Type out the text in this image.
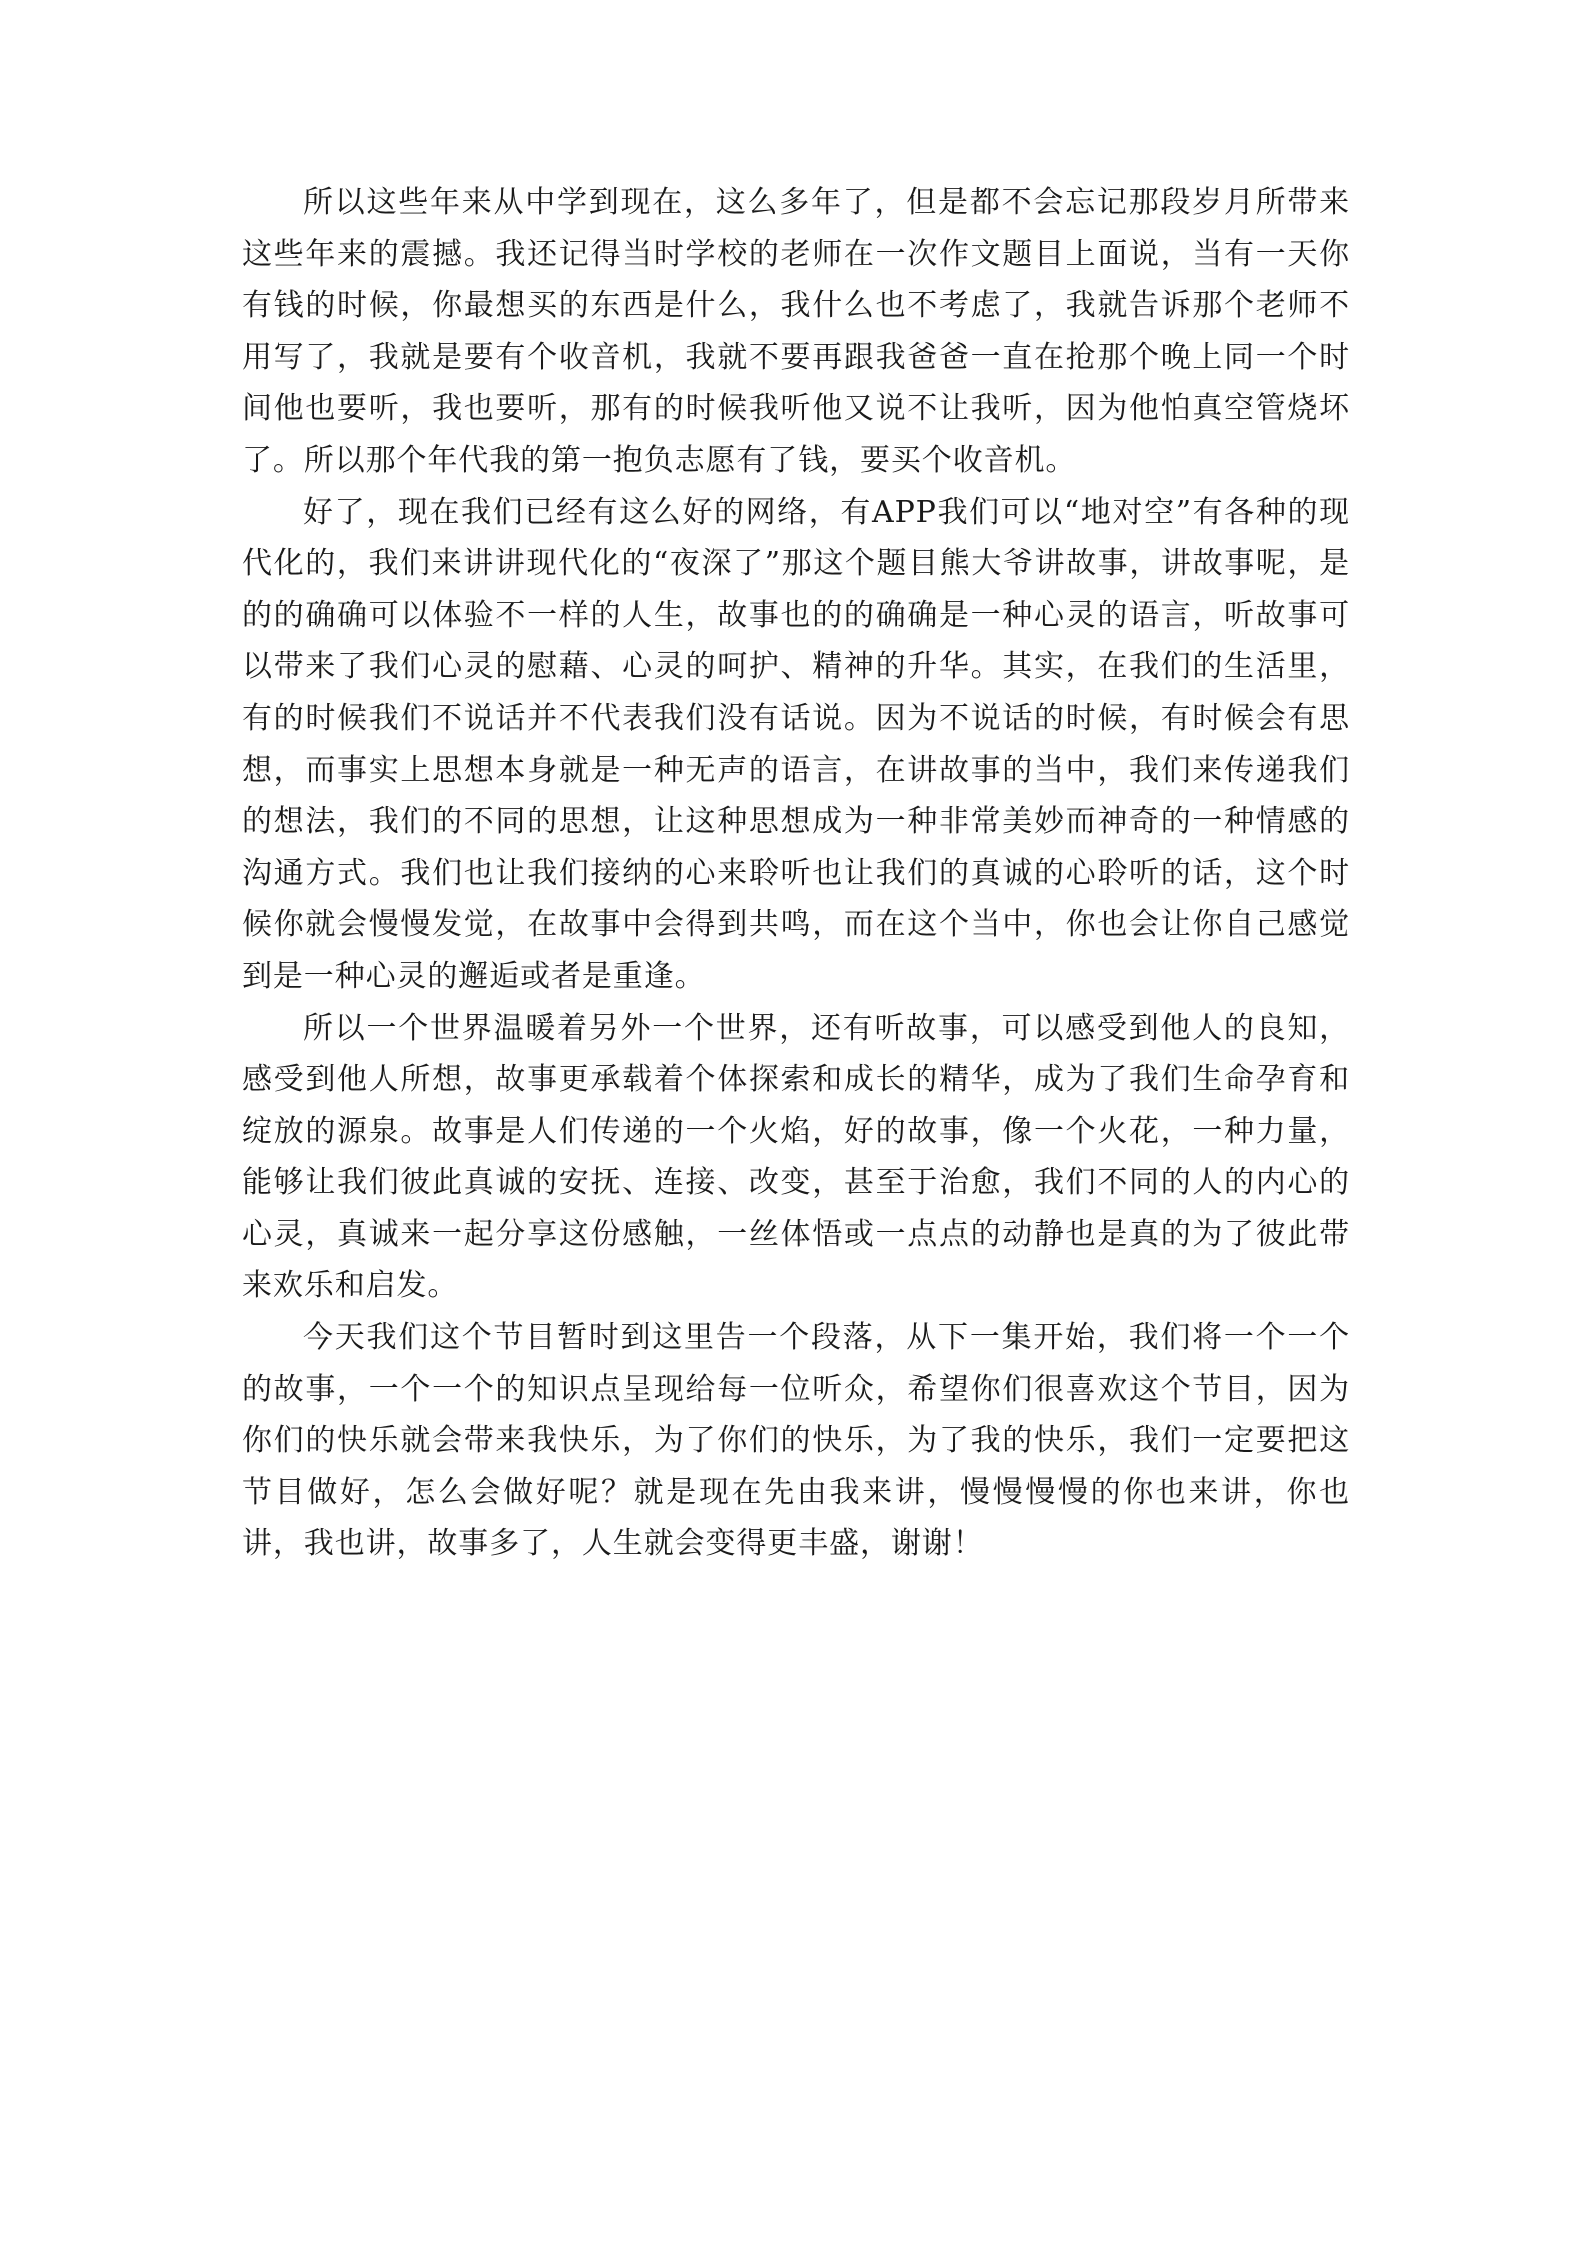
所以这些年来从中学到现在，这么多年了，但是都不会忘记那段岁月所带来这些年来的震撼。我还记得当时学校的老师在一次作文题目上面说，当有一天你有钱的时候，你最想买的东西是什么，我什么也不考虑了，我就告诉那个老师不用写了，我就是要有个收音机，我就不要再跟我爸爸一直在抢那个晚上同一个时间他也要听，我也要听，那有的时候我听他又说不让我听，因为他怕真空管烧坏了。所以那个年代我的第一抱负志愿有了钱，要买个收音机。

好了，现在我们已经有这么好的网络，有APP我们可以“地对空”有各种的现代化的，我们来讲讲现代化的“夜深了”那这个题目熊大爷讲故事，讲故事呢，是的的确确可以体验不一样的人生，故事也的的确确是一种心灵的语言，听故事可以带来了我们心灵的慰藉、心灵的呵护、精神的升华。其实，在我们的生活里，有的时候我们不说话并不代表我们没有话说。因为不说话的时候，有时候会有思想，而事实上思想本身就是一种无声的语言，在讲故事的当中，我们来传递我们的想法，我们的不同的思想，让这种思想成为一种非常美妙而神奇的一种情感的沟通方式。我们也让我们接纳的心来聆听也让我们的真诚的心聆听的话，这个时候你就会慢慢发觉，在故事中会得到共鸣，而在这个当中，你也会让你自己感觉到是一种心灵的邂逅或者是重逢。

所以一个世界温暖着另外一个世界，还有听故事，可以感受到他人的良知，感受到他人所想，故事更承载着个体探索和成长的精华，成为了我们生命孕育和绽放的源泉。故事是人们传递的一个火焰，好的故事，像一个火花，一种力量，能够让我们彼此真诚的安抚、连接、改变，甚至于治愈，我们不同的人的内心的心灵，真诚来一起分享这份感触，一丝体悟或一点点的动静也是真的为了彼此带来欢乐和启发。

今天我们这个节目暂时到这里告一个段落，从下一集开始，我们将一个一个的故事，一个一个的知识点呈现给每一位听众，希望你们很喜欢这个节目，因为你们的快乐就会带来我快乐，为了你们的快乐，为了我的快乐，我们一定要把这节目做好，怎么会做好呢？就是现在先由我来讲，慢慢慢慢的你也来讲，你也讲，我也讲，故事多了，人生就会变得更丰盛，谢谢！
